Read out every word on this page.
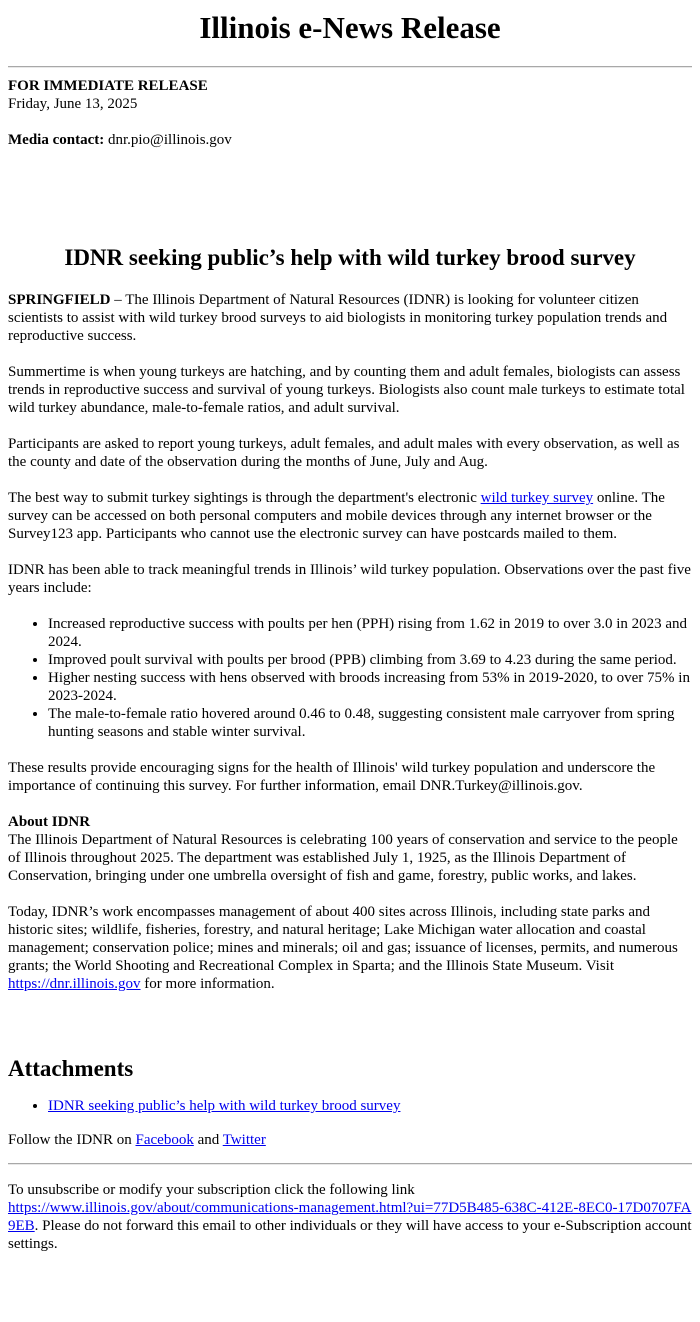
Illinois e-News Release
FOR IMMEDIATE RELEASE
Friday, June 13, 2025
Media contact: dnr.pio@illinois.gov
IDNR seeking public’s help with wild turkey brood survey

SPRINGFIELD – The Illinois Department of Natural Resources (IDNR) is looking for volunteer citizen scientists to assist with wild turkey brood surveys to aid biologists in monitoring turkey population trends and reproductive success.

Summertime is when young turkeys are hatching, and by counting them and adult females, biologists can assess trends in reproductive success and survival of young turkeys. Biologists also count male turkeys to estimate total wild turkey abundance, male-to-female ratios, and adult survival.

Participants are asked to report young turkeys, adult females, and adult males with every observation, as well as the county and date of the observation during the months of June, July and Aug.

The best way to submit turkey sightings is through the department's electronic wild turkey survey online. The survey can be accessed on both personal computers and mobile devices through any internet browser or the Survey123 app. Participants who cannot use the electronic survey can have postcards mailed to them.

IDNR has been able to track meaningful trends in Illinois’ wild turkey population. Observations over the past five years include:

• Increased reproductive success with poults per hen (PPH) rising from 1.62 in 2019 to over 3.0 in 2023 and 2024.
• Improved poult survival with poults per brood (PPB) climbing from 3.69 to 4.23 during the same period.
• Higher nesting success with hens observed with broods increasing from 53% in 2019-2020, to over 75% in 2023-2024.
• The male-to-female ratio hovered around 0.46 to 0.48, suggesting consistent male carryover from spring hunting seasons and stable winter survival.

These results provide encouraging signs for the health of Illinois' wild turkey population and underscore the importance of continuing this survey. For further information, email DNR.Turkey@illinois.gov.

About IDNR

The Illinois Department of Natural Resources is celebrating 100 years of conservation and service to the people of Illinois throughout 2025. The department was established July 1, 1925, as the Illinois Department of Conservation, bringing under one umbrella oversight of fish and game, forestry, public works, and lakes.

Today, IDNR’s work encompasses management of about 400 sites across Illinois, including state parks and historic sites; wildlife, fisheries, forestry, and natural heritage; Lake Michigan water allocation and coastal management; conservation police; mines and minerals; oil and gas; issuance of licenses, permits, and numerous grants; the World Shooting and Recreational Complex in Sparta; and the Illinois State Museum. Visit https://dnr.illinois.gov for more information.

Attachments
• IDNR seeking public’s help with wild turkey brood survey

Follow the IDNR on Facebook and Twitter

To unsubscribe or modify your subscription click the following link
https://www.illinois.gov/about/communications-management.html?ui=77D5B485-638C-412E-8EC0-17D0707FA9EB. Please do not forward this email to other individuals or they will have access to your e-Subscription account settings.
